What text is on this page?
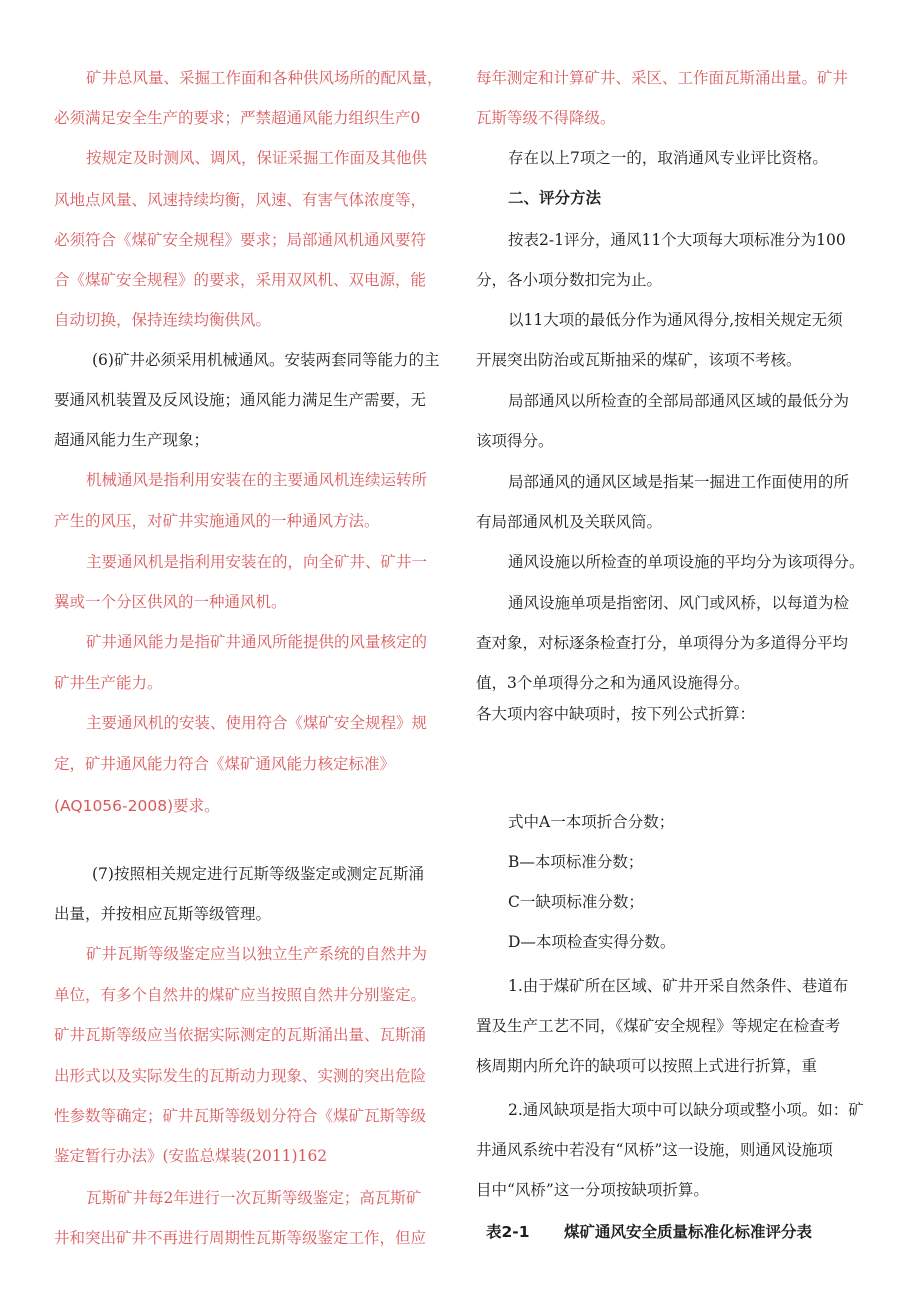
矿井总风量、采掘工作面和各种供风场所的配风量，
必须满足安全生产的要求；严禁超通风能力组织生产0
按规定及时测风、调风，保证采掘工作面及其他供
风地点风量、风速持续均衡，风速、有害气体浓度等，
必须符合《煤矿安全规程》要求；局部通风机通风要符
合《煤矿安全规程》的要求，采用双风机、双电源，能
自动切换，保持连续均衡供风。
(6)矿井必须采用机械通风。安装两套同等能力的主
要通风机装置及反风设施；通风能力满足生产需要，无
超通风能力生产现象；
机械通风是指利用安装在的主要通风机连续运转所
产生的风压，对矿井实施通风的一种通风方法。
主要通风机是指利用安装在的，向全矿井、矿井一
翼或一个分区供风的一种通风机。
矿井通风能力是指矿井通风所能提供的风量核定的
矿井生产能力。
主要通风机的安装、使用符合《煤矿安全规程》规
定，矿井通风能力符合《煤矿通风能力核定标准》
(AQ1056-2008)要求。
(7)按照相关规定进行瓦斯等级鉴定或测定瓦斯涌
出量，并按相应瓦斯等级管理。
矿井瓦斯等级鉴定应当以独立生产系统的自然井为
单位，有多个自然井的煤矿应当按照自然井分别鉴定。
矿井瓦斯等级应当依据实际测定的瓦斯涌出量、瓦斯涌
出形式以及实际发生的瓦斯动力现象、实测的突出危险
性参数等确定；矿井瓦斯等级划分符合《煤矿瓦斯等级
鉴定暂行办法》(安监总煤装(2011)162
瓦斯矿井每2年进行一次瓦斯等级鉴定；高瓦斯矿
井和突出矿井不再进行周期性瓦斯等级鉴定工作，但应
每年测定和计算矿井、采区、工作面瓦斯涌出量。矿井
瓦斯等级不得降级。
存在以上7项之一的，取消通风专业评比资格。
二、评分方法
按表2-1评分，通风11个大项每大项标准分为100
分，各小项分数扣完为止。
以11大项的最低分作为通风得分,按相关规定无须
开展突出防治或瓦斯抽采的煤矿，该项不考核。
局部通风以所检查的全部局部通风区域的最低分为
该项得分。
局部通风的通风区域是指某一掘进工作面使用的所
有局部通风机及关联风筒。
通风设施以所检查的单项设施的平均分为该项得分。
通风设施单项是指密闭、风门或风桥，以每道为检
查对象，对标逐条检查打分，单项得分为多道得分平均
值，3个单项得分之和为通风设施得分。
各大项内容中缺项时，按下列公式折算：
式中A一本项折合分数；
B—本项标准分数；
C一缺项标准分数；
D—本项检查实得分数。
1.由于煤矿所在区域、矿井开采自然条件、巷道布
置及生产工艺不同，《煤矿安全规程》等规定在检查考
核周期内所允许的缺项可以按照上式进行折算，重
2.通风缺项是指大项中可以缺分项或整小项。如：矿
井通风系统中若没有“风桥”这一设施，则通风设施项
目中“风桥”这一分项按缺项折算。
表2-1 煤矿通风安全质量标准化标准评分表
